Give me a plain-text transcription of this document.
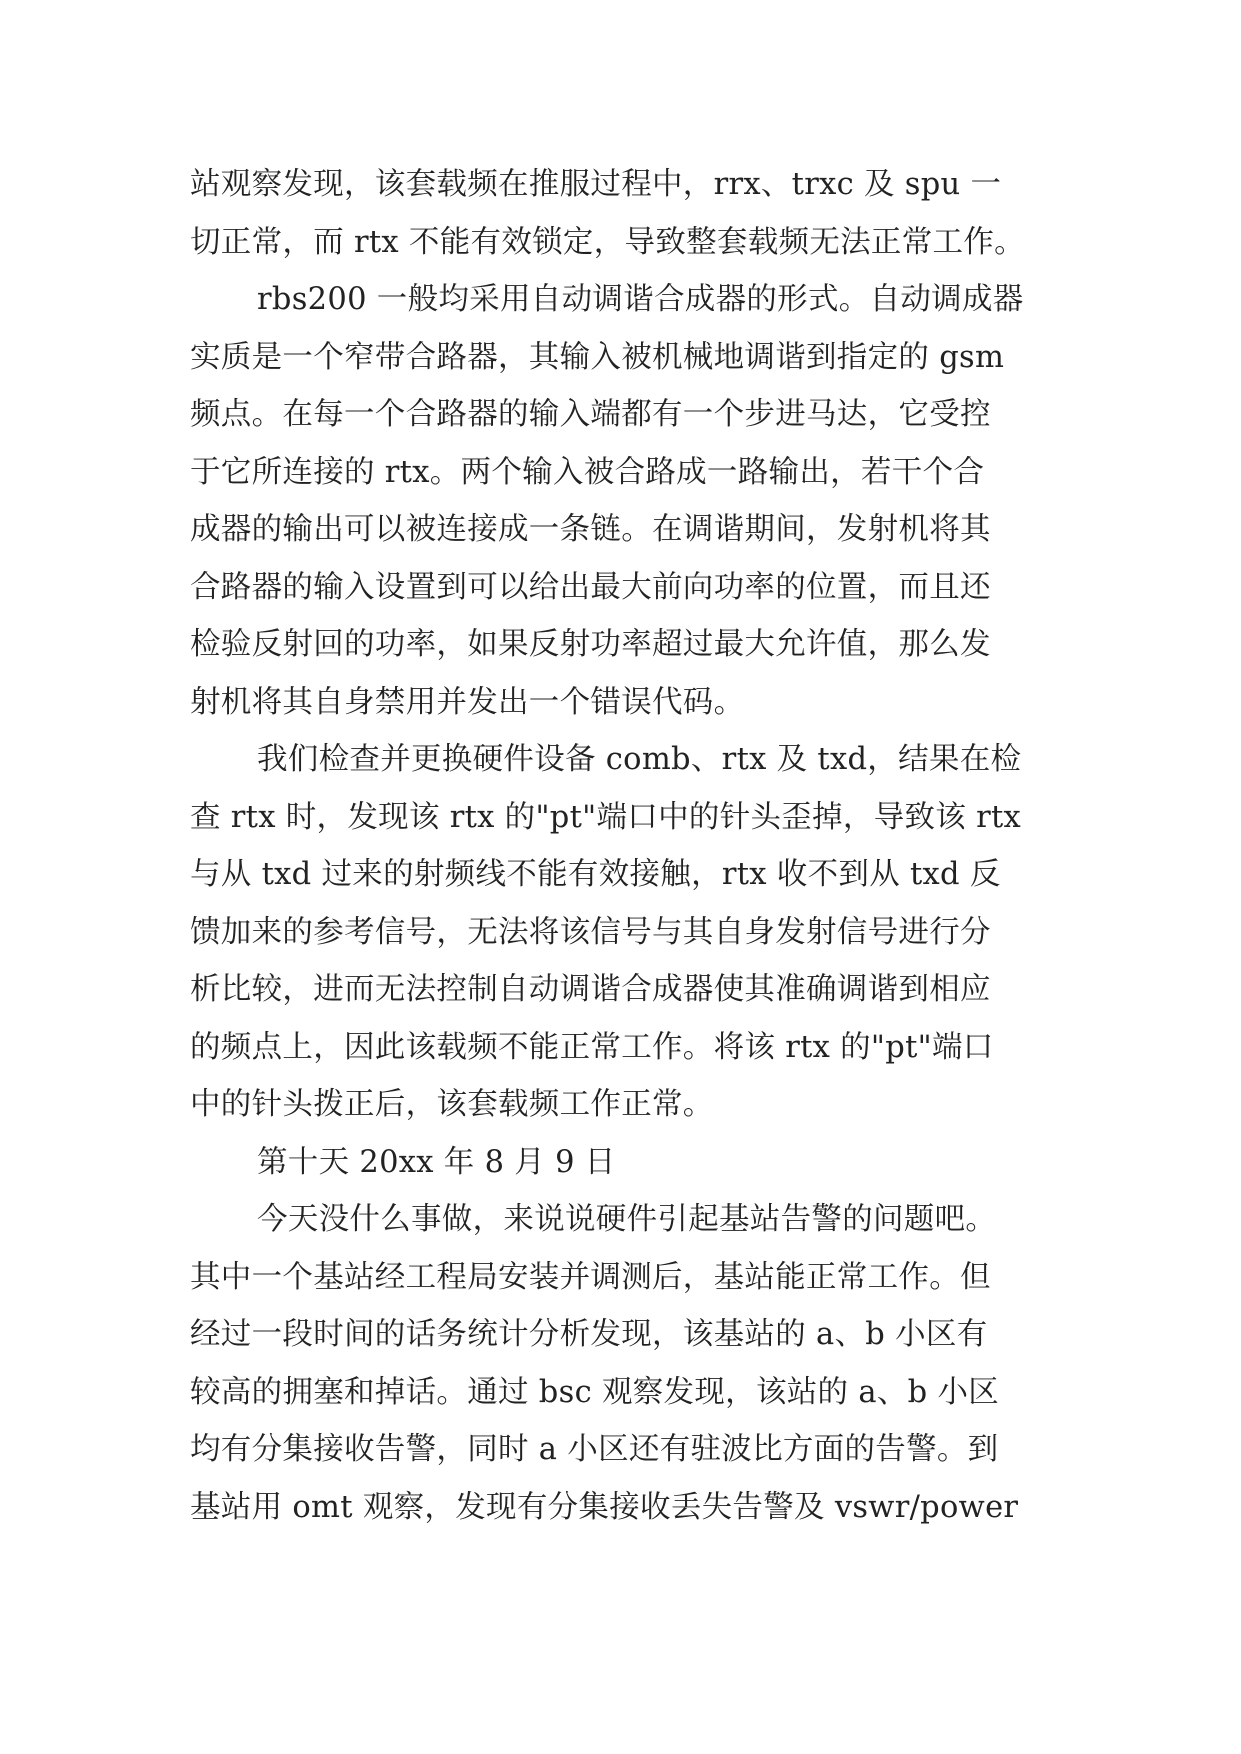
站观察发现，该套载频在推服过程中，rrx、trxc 及 spu 一
切正常，而 rtx 不能有效锁定，导致整套载频无法正常工作。
rbs200 一般均采用自动调谐合成器的形式。自动调成器
实质是一个窄带合路器，其输入被机械地调谐到指定的 gsm
频点。在每一个合路器的输入端都有一个步进马达，它受控
于它所连接的 rtx。两个输入被合路成一路输出，若干个合
成器的输出可以被连接成一条链。在调谐期间，发射机将其
合路器的输入设置到可以给出最大前向功率的位置，而且还
检验反射回的功率，如果反射功率超过最大允许值，那么发
射机将其自身禁用并发出一个错误代码。
我们检查并更换硬件设备 comb、rtx 及 txd，结果在检
查 rtx 时，发现该 rtx 的"pt"端口中的针头歪掉，导致该 rtx
与从 txd 过来的射频线不能有效接触，rtx 收不到从 txd 反
馈加来的参考信号，无法将该信号与其自身发射信号进行分
析比较，进而无法控制自动调谐合成器使其准确调谐到相应
的频点上，因此该载频不能正常工作。将该 rtx 的"pt"端口
中的针头拨正后，该套载频工作正常。
第十天 20xx 年 8 月 9 日
今天没什么事做，来说说硬件引起基站告警的问题吧。
其中一个基站经工程局安装并调测后，基站能正常工作。但
经过一段时间的话务统计分析发现，该基站的 a、b 小区有
较高的拥塞和掉话。通过 bsc 观察发现，该站的 a、b 小区
均有分集接收告警，同时 a 小区还有驻波比方面的告警。到
基站用 omt 观察，发现有分集接收丢失告警及 vswr/power
